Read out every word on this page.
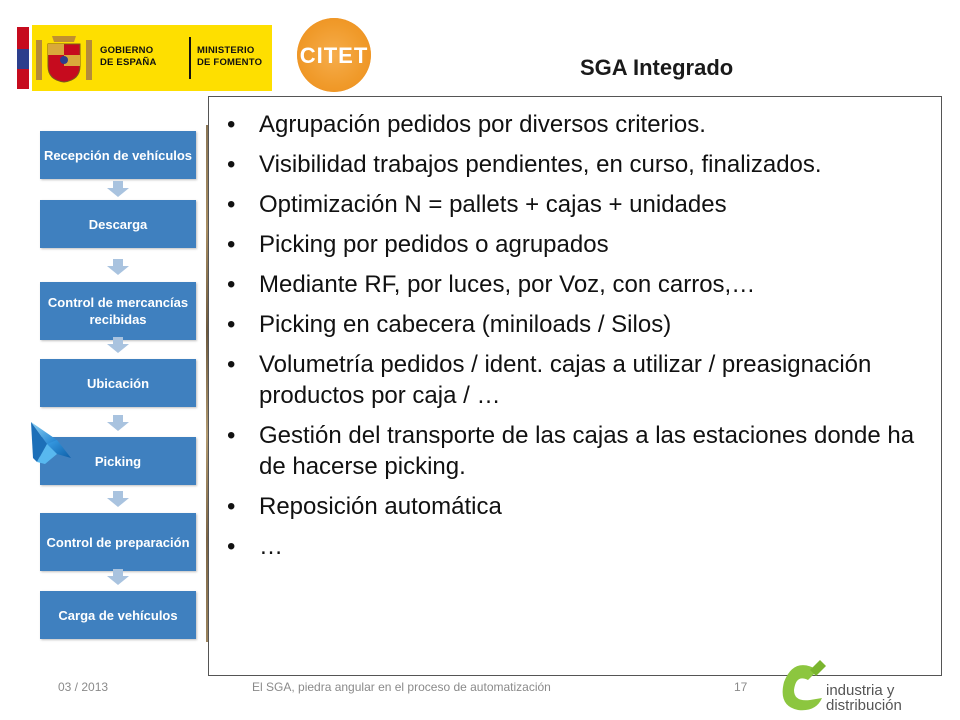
GOBIERNO
DE ESPAÑA
MINISTERIO
DE FOMENTO CITET	SGA Integrado
Recepción de vehículos
Descarga
Control de mercancías recibidas
Ubicación
Picking
Control de preparación
Carga de vehículos
• Agrupación pedidos por diversos criterios.
• Visibilidad trabajos pendientes, en curso, finalizados.
• Optimización N = pallets + cajas + unidades
• Picking por pedidos o agrupados
• Mediante RF, por luces, por Voz, con carros,…
• Picking en cabecera (miniloads / Silos)
• Volumetría pedidos / ident. cajas a utilizar / preasignación productos por caja / …
• Gestión del transporte de las cajas a las estaciones donde ha de hacerse picking.
• Reposición automática
• …
03 / 2013	El SGA, piedra angular en el proceso de automatización	17	industria y
distribución
